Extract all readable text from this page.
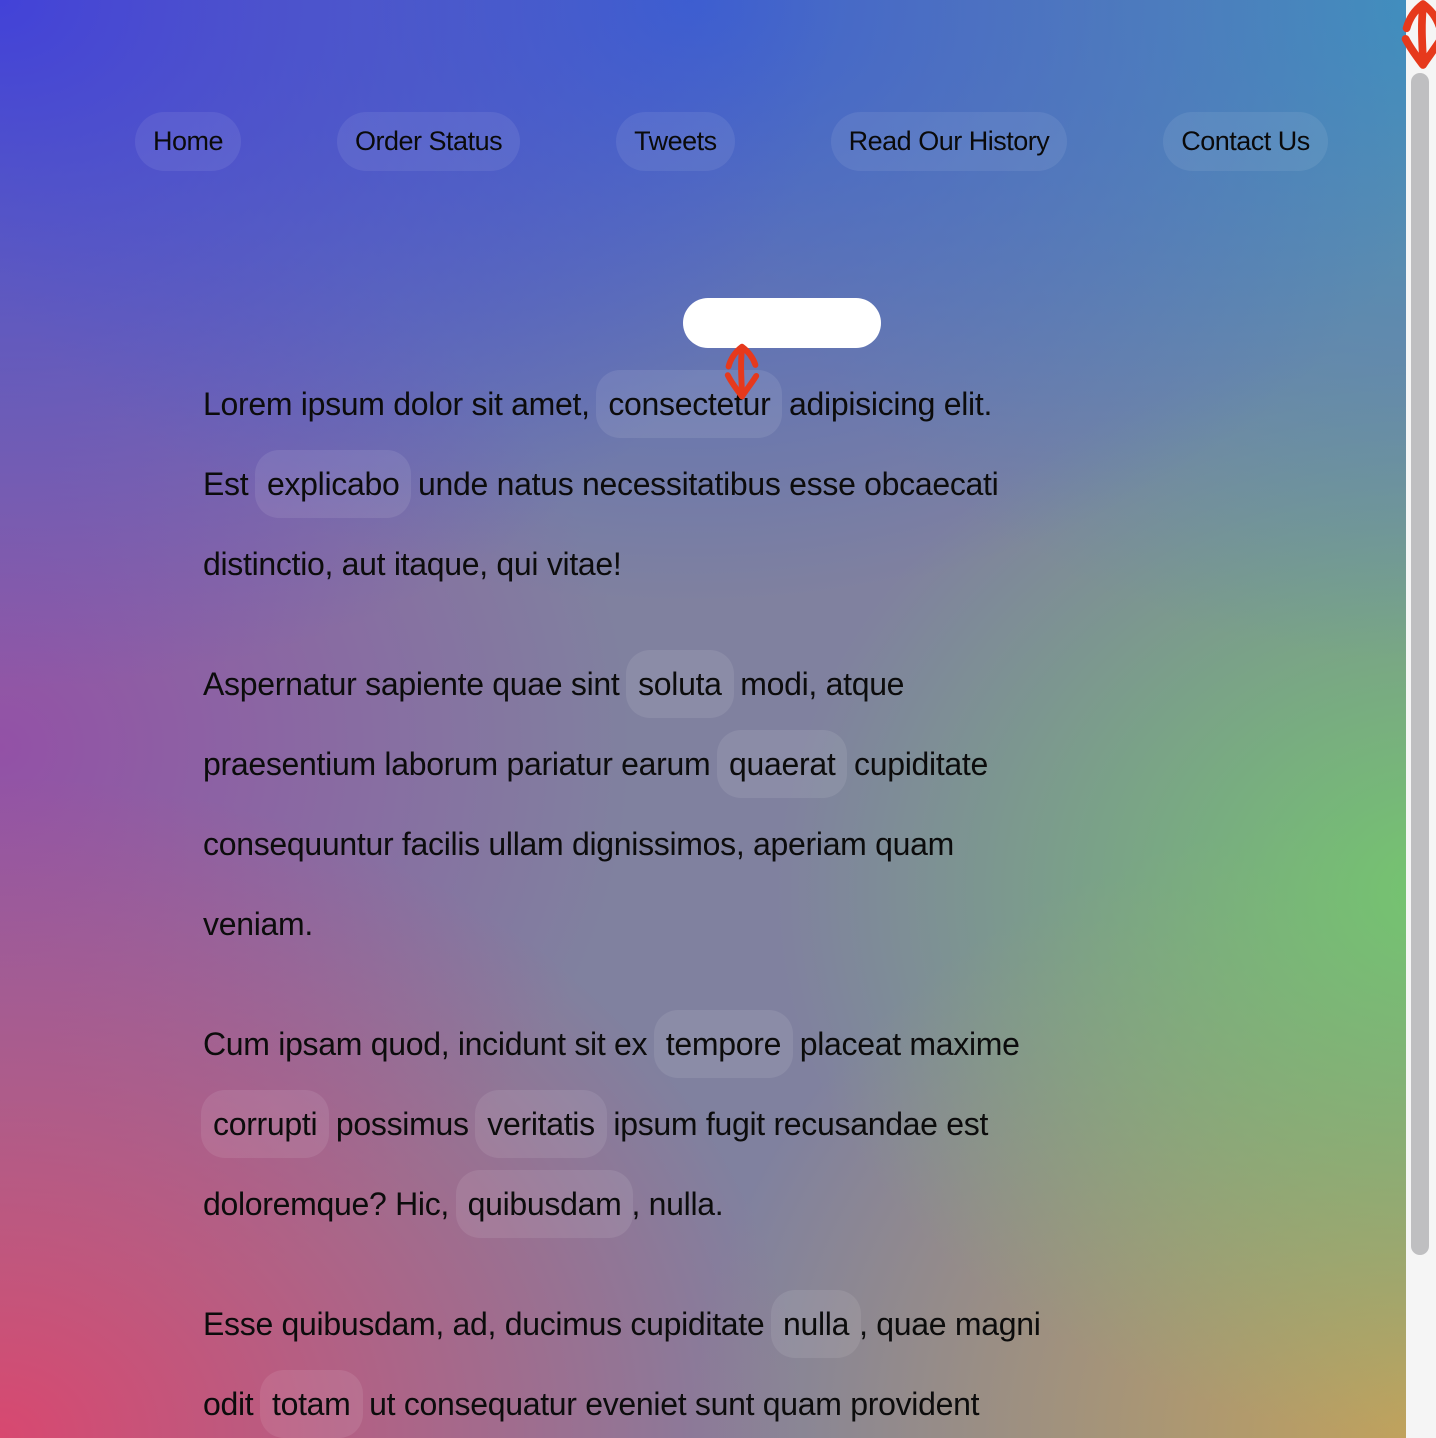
Home	Order Status	Tweets	Read Our History	Contact Us

Lorem ipsum dolor sit amet, consectetur adipisicing elit.
Est explicabo unde natus necessitatibus esse obcaecati
distinctio, aut itaque, qui vitae!

Aspernatur sapiente quae sint soluta modi, atque
praesentium laborum pariatur earum quaerat cupiditate
consequuntur facilis ullam dignissimos, aperiam quam
veniam.

Cum ipsam quod, incidunt sit ex tempore placeat maxime
corrupti possimus veritatis ipsum fugit recusandae est
doloremque? Hic, quibusdam , nulla.

Esse quibusdam, ad, ducimus cupiditate nulla , quae magni
odit totam ut consequatur eveniet sunt quam provident
